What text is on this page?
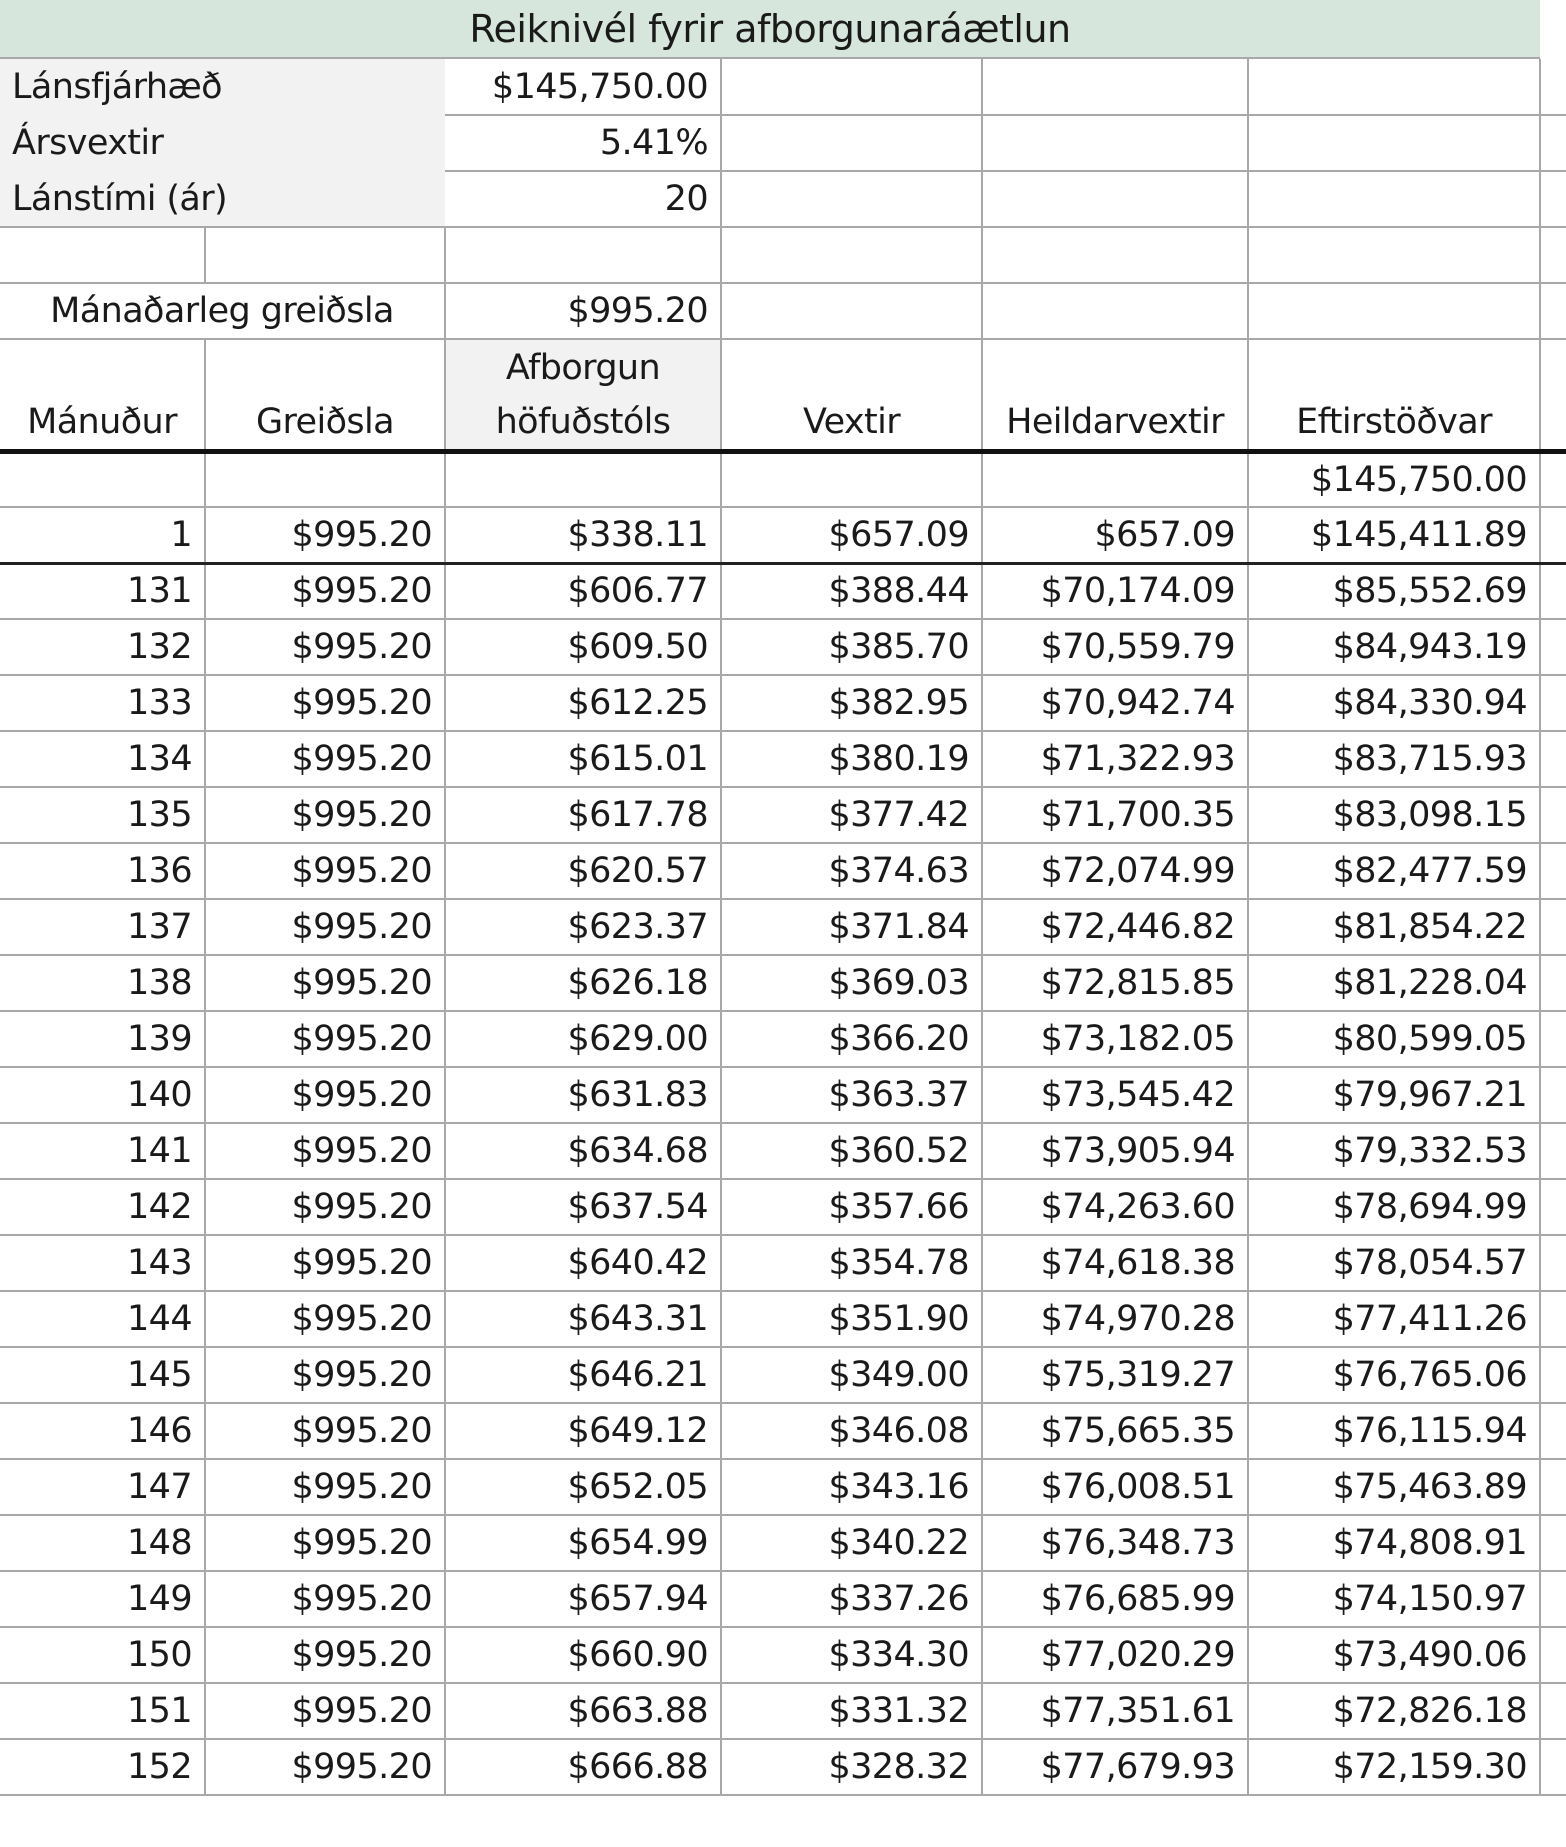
Reiknivél fyrir afborgunaráætlun
Lánsfjárhæð		$145,750.00				
Ársvextir		5.41%				
Lánstími (ár)		20				

Mánaðarleg greiðsla		$995.20				
		Afborgun				
Mánuður	Greiðsla	höfuðstóls	Vextir	Heildarvextir	Eftirstöðvar	
					$145,750.00	
1	$995.20	$338.11	$657.09	$657.09	$145,411.89	
131	$995.20	$606.77	$388.44	$70,174.09	$85,552.69	
132	$995.20	$609.50	$385.70	$70,559.79	$84,943.19	
133	$995.20	$612.25	$382.95	$70,942.74	$84,330.94	
134	$995.20	$615.01	$380.19	$71,322.93	$83,715.93	
135	$995.20	$617.78	$377.42	$71,700.35	$83,098.15	
136	$995.20	$620.57	$374.63	$72,074.99	$82,477.59	
137	$995.20	$623.37	$371.84	$72,446.82	$81,854.22	
138	$995.20	$626.18	$369.03	$72,815.85	$81,228.04	
139	$995.20	$629.00	$366.20	$73,182.05	$80,599.05	
140	$995.20	$631.83	$363.37	$73,545.42	$79,967.21	
141	$995.20	$634.68	$360.52	$73,905.94	$79,332.53	
142	$995.20	$637.54	$357.66	$74,263.60	$78,694.99	
143	$995.20	$640.42	$354.78	$74,618.38	$78,054.57	
144	$995.20	$643.31	$351.90	$74,970.28	$77,411.26	
145	$995.20	$646.21	$349.00	$75,319.27	$76,765.06	
146	$995.20	$649.12	$346.08	$75,665.35	$76,115.94	
147	$995.20	$652.05	$343.16	$76,008.51	$75,463.89	
148	$995.20	$654.99	$340.22	$76,348.73	$74,808.91	
149	$995.20	$657.94	$337.26	$76,685.99	$74,150.97	
150	$995.20	$660.90	$334.30	$77,020.29	$73,490.06	
151	$995.20	$663.88	$331.32	$77,351.61	$72,826.18	
152	$995.20	$666.88	$328.32	$77,679.93	$72,159.30	
